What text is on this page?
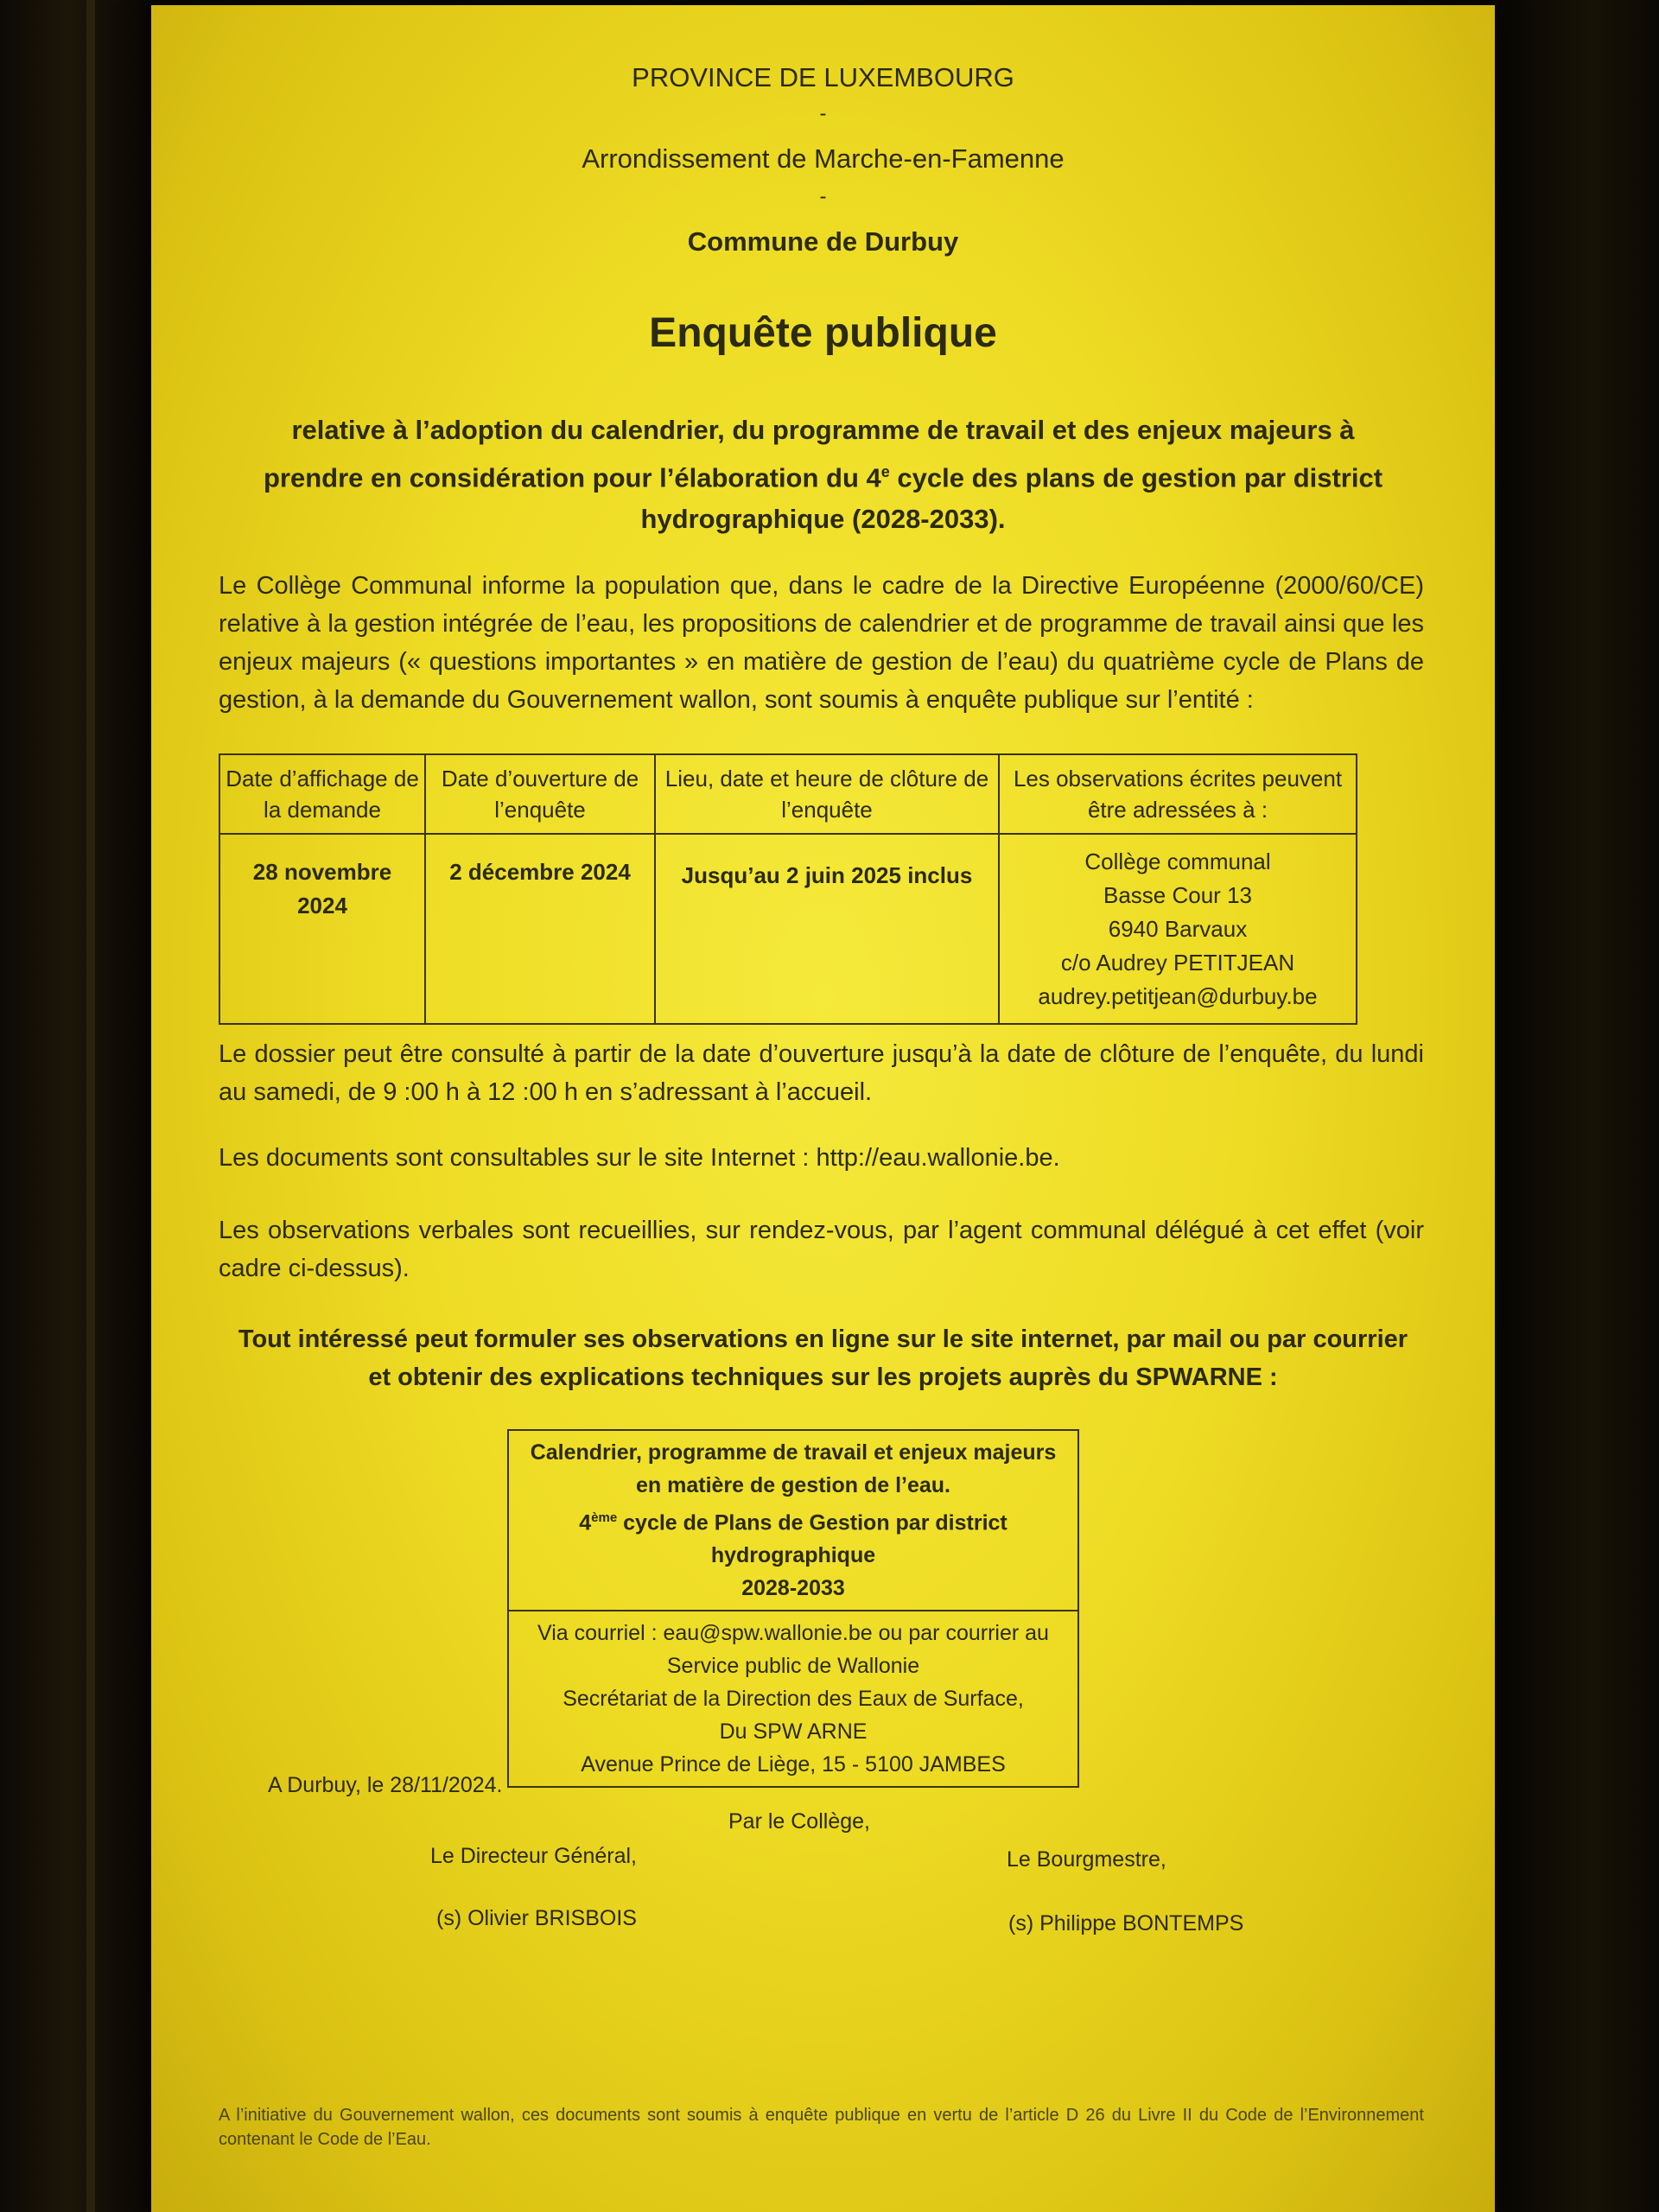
PROVINCE DE LUXEMBOURG
-
Arrondissement de Marche-en-Famenne
-
Commune de Durbuy
Enquête publique
relative à l’adoption du calendrier, du programme de travail et des enjeux majeurs à prendre en considération pour l’élaboration du 4e cycle des plans de gestion par district hydrographique (2028-2033).
Le Collège Communal informe la population que, dans le cadre de la Directive Européenne (2000/60/CE) relative à la gestion intégrée de l’eau, les propositions de calendrier et de programme de travail ainsi que les enjeux majeurs (« questions importantes » en matière de gestion de l’eau) du quatrième cycle de Plans de gestion, à la demande du Gouvernement wallon, sont soumis à enquête publique sur l’entité :
Date d’affichage de la demande	Date d’ouverture de l’enquête	Lieu, date et heure de clôture de l’enquête	Les observations écrites peuvent être adressées à :
28 novembre 2024	2 décembre 2024	Jusqu’au 2 juin 2025 inclus	Collège communal
Basse Cour 13
6940 Barvaux
c/o Audrey PETITJEAN
audrey.petitjean@durbuy.be
Le dossier peut être consulté à partir de la date d’ouverture jusqu’à la date de clôture de l’enquête, du lundi au samedi, de 9 :00 h à 12 :00 h en s’adressant à l’accueil.
Les documents sont consultables sur le site Internet : http://eau.wallonie.be.
Les observations verbales sont recueillies, sur rendez-vous, par l’agent communal délégué à cet effet (voir cadre ci-dessus).
Tout intéressé peut formuler ses observations en ligne sur le site internet, par mail ou par courrier et obtenir des explications techniques sur les projets auprès du SPWARNE :
Calendrier, programme de travail et enjeux majeurs en matière de gestion de l’eau.
4ème cycle de Plans de Gestion par district hydrographique
2028-2033

Via courriel : eau@spw.wallonie.be ou par courrier au
Service public de Wallonie
Secrétariat de la Direction des Eaux de Surface,
Du SPW ARNE
Avenue Prince de Liège, 15 - 5100 JAMBES
A Durbuy, le 28/11/2024.
Par le Collège,
Le Directeur Général,	Le Bourgmestre,
(s) Olivier BRISBOIS	(s) Philippe BONTEMPS
A l’initiative du Gouvernement wallon, ces documents sont soumis à enquête publique en vertu de l’article D 26 du Livre II du Code de l’Environnement contenant le Code de l’Eau.
